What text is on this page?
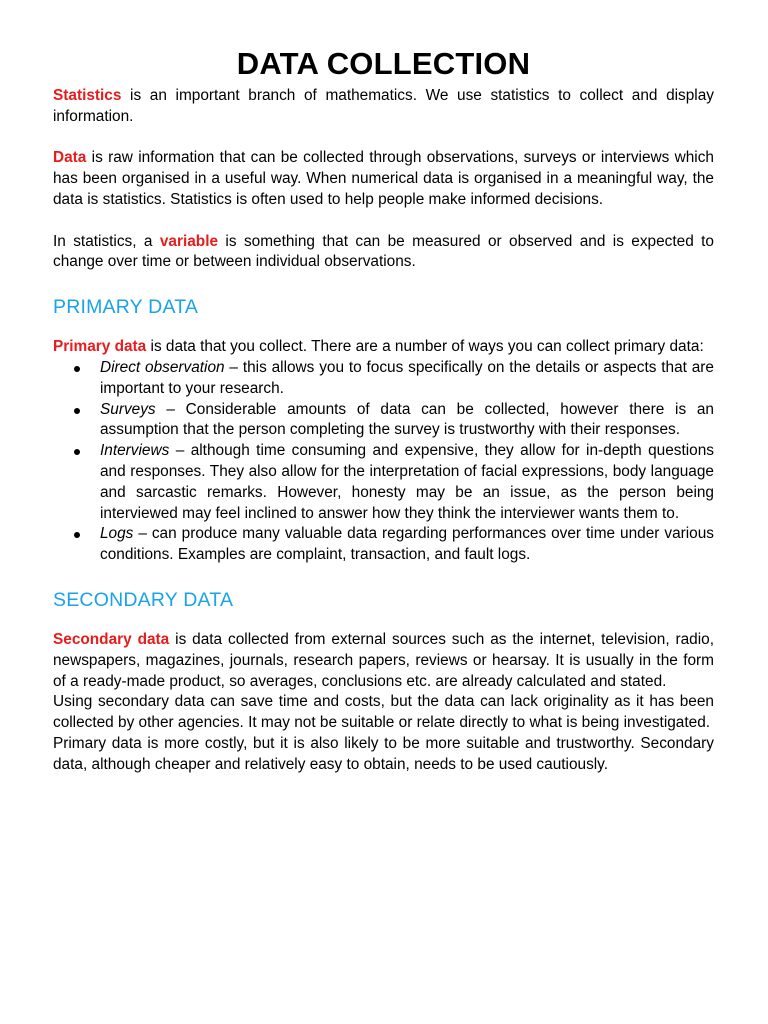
DATA COLLECTION

Statistics is an important branch of mathematics. We use statistics to collect and display information.

Data is raw information that can be collected through observations, surveys or interviews which has been organised in a useful way. When numerical data is organised in a meaningful way, the data is statistics. Statistics is often used to help people make informed decisions.

In statistics, a variable is something that can be measured or observed and is expected to change over time or between individual observations.

PRIMARY DATA

Primary data is data that you collect. There are a number of ways you can collect primary data:

Direct observation – this allows you to focus specifically on the details or aspects that are important to your research.
Surveys – Considerable amounts of data can be collected, however there is an assumption that the person completing the survey is trustworthy with their responses.
Interviews – although time consuming and expensive, they allow for in-depth questions and responses. They also allow for the interpretation of facial expressions, body language and sarcastic remarks. However, honesty may be an issue, as the person being interviewed may feel inclined to answer how they think the interviewer wants them to.
Logs – can produce many valuable data regarding performances over time under various conditions. Examples are complaint, transaction, and fault logs.
SECONDARY DATA

Secondary data is data collected from external sources such as the internet, television, radio, newspapers, magazines, journals, research papers, reviews or hearsay. It is usually in the form of a ready-made product, so averages, conclusions etc. are already calculated and stated.

Using secondary data can save time and costs, but the data can lack originality as it has been collected by other agencies. It may not be suitable or relate directly to what is being investigated.

Primary data is more costly, but it is also likely to be more suitable and trustworthy. Secondary data, although cheaper and relatively easy to obtain, needs to be used cautiously.
